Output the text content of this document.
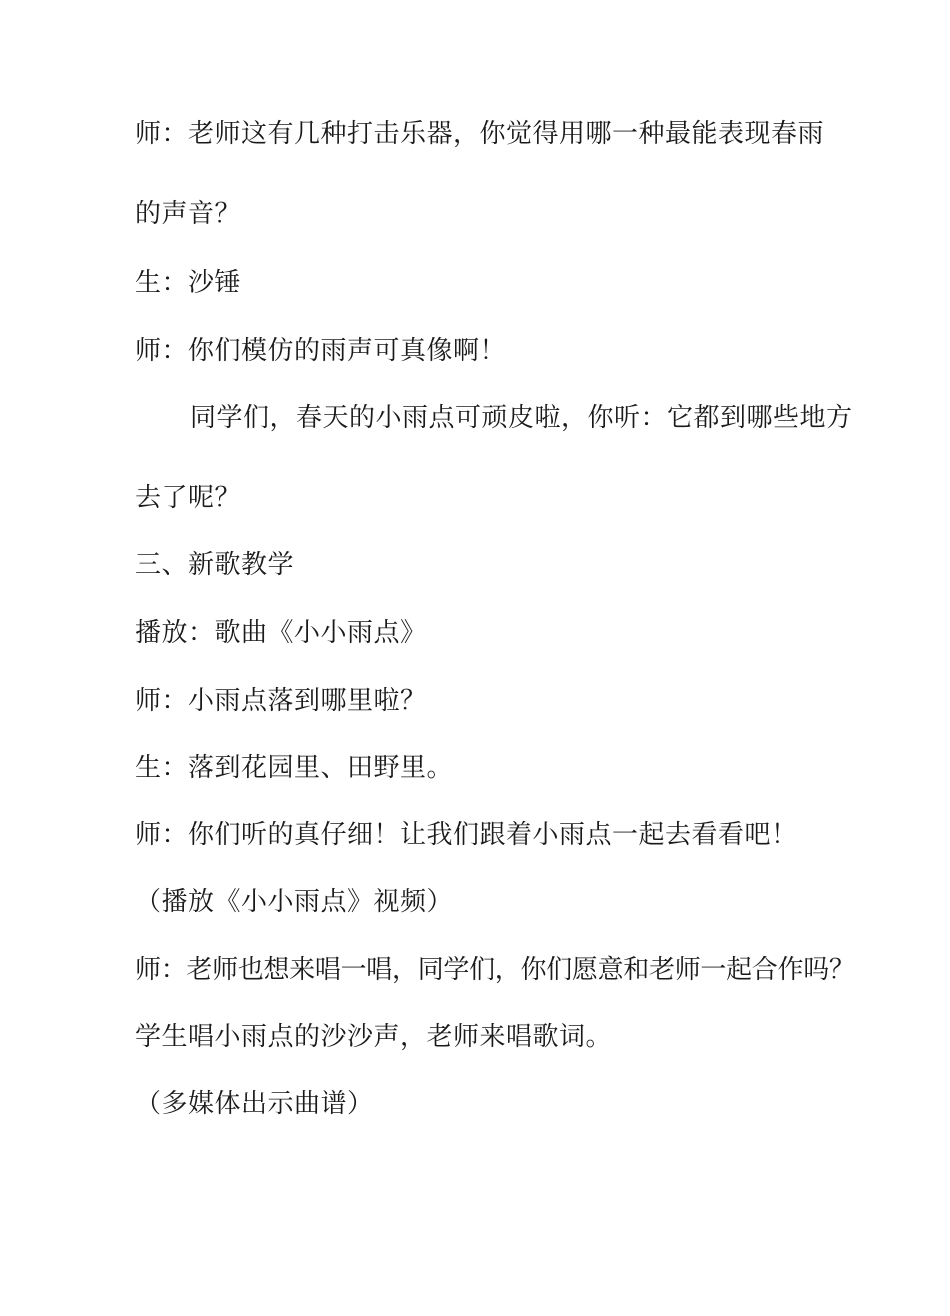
师：老师这有几种打击乐器，你觉得用哪一种最能表现春雨
的声音？
生：沙锤
师：你们模仿的雨声可真像啊！
同学们，春天的小雨点可顽皮啦，你听：它都到哪些地方
去了呢？
三、新歌教学
播放：歌曲《小小雨点》
师：小雨点落到哪里啦？
生：落到花园里、田野里。
师：你们听的真仔细！让我们跟着小雨点一起去看看吧！
（播放《小小雨点》视频）
师：老师也想来唱一唱，同学们，你们愿意和老师一起合作吗？
学生唱小雨点的沙沙声，老师来唱歌词。
（多媒体出示曲谱）
